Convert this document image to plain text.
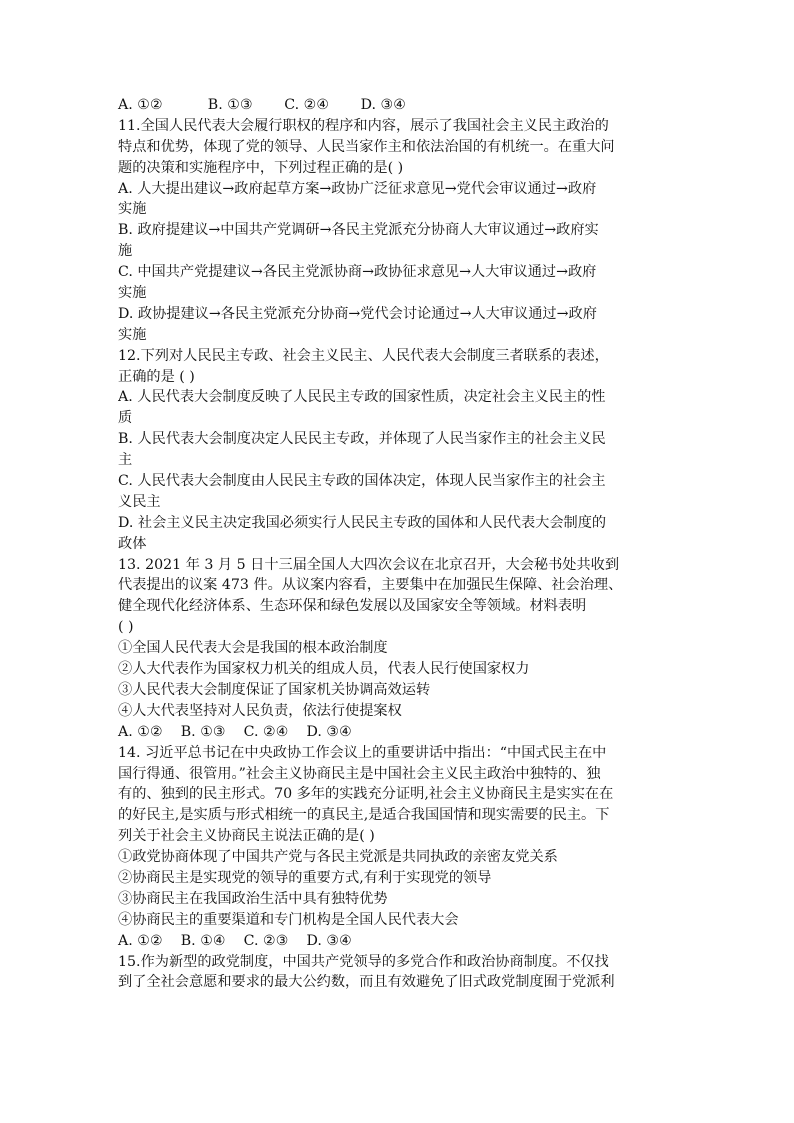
A. ①②          B. ①③       C. ②④       D. ③④
11.全国人民代表大会履行职权的程序和内容，展示了我国社会主义民主政治的
特点和优势，体现了党的领导、人民当家作主和依法治国的有机统一。在重大问
题的决策和实施程序中，下列过程正确的是( )
A. 人大提出建议→政府起草方案→政协广泛征求意见→党代会审议通过→政府
实施
B. 政府提建议→中国共产党调研→各民主党派充分协商人大审议通过→政府实
施
C. 中国共产党提建议→各民主党派协商→政协征求意见→人大审议通过→政府
实施
D. 政协提建议→各民主党派充分协商→党代会讨论通过→人大审议通过→政府
实施
12.下列对人民民主专政、社会主义民主、人民代表大会制度三者联系的表述，
正确的是 ( )
A. 人民代表大会制度反映了人民民主专政的国家性质，决定社会主义民主的性
质
B. 人民代表大会制度决定人民民主专政，并体现了人民当家作主的社会主义民
主
C. 人民代表大会制度由人民民主专政的国体决定，体现人民当家作主的社会主
义民主
D. 社会主义民主决定我国必须实行人民民主专政的国体和人民代表大会制度的
政体
13. 2021 年 3 月 5 日十三届全国人大四次会议在北京召开，大会秘书处共收到
代表提出的议案 473 件。从议案内容看，主要集中在加强民生保障、社会治理、
健全现代化经济体系、生态环保和绿色发展以及国家安全等领域。材料表明
( )
①全国人民代表大会是我国的根本政治制度
②人大代表作为国家权力机关的组成人员，代表人民行使国家权力
③人民代表大会制度保证了国家机关协调高效运转
④人大代表坚持对人民负责，依法行使提案权
A. ①②    B. ①③    C. ②④    D. ③④
14. 习近平总书记在中央政协工作会议上的重要讲话中指出：“中国式民主在中
国行得通、很管用。”社会主义协商民主是中国社会主义民主政治中独特的、独
有的、独到的民主形式。70 多年的实践充分证明,社会主义协商民主是实实在在
的好民主,是实质与形式相统一的真民主,是适合我国国情和现实需要的民主。下
列关于社会主义协商民主说法正确的是( )
①政党协商体现了中国共产党与各民主党派是共同执政的亲密友党关系
②协商民主是实现党的领导的重要方式,有利于实现党的领导
③协商民主在我国政治生活中具有独特优势
④协商民主的重要渠道和专门机构是全国人民代表大会
A. ①②    B. ①④    C. ②③    D. ③④
15.作为新型的政党制度，中国共产党领导的多党合作和政治协商制度。不仅找
到了全社会意愿和要求的最大公约数，而且有效避免了旧式政党制度囿于党派利
